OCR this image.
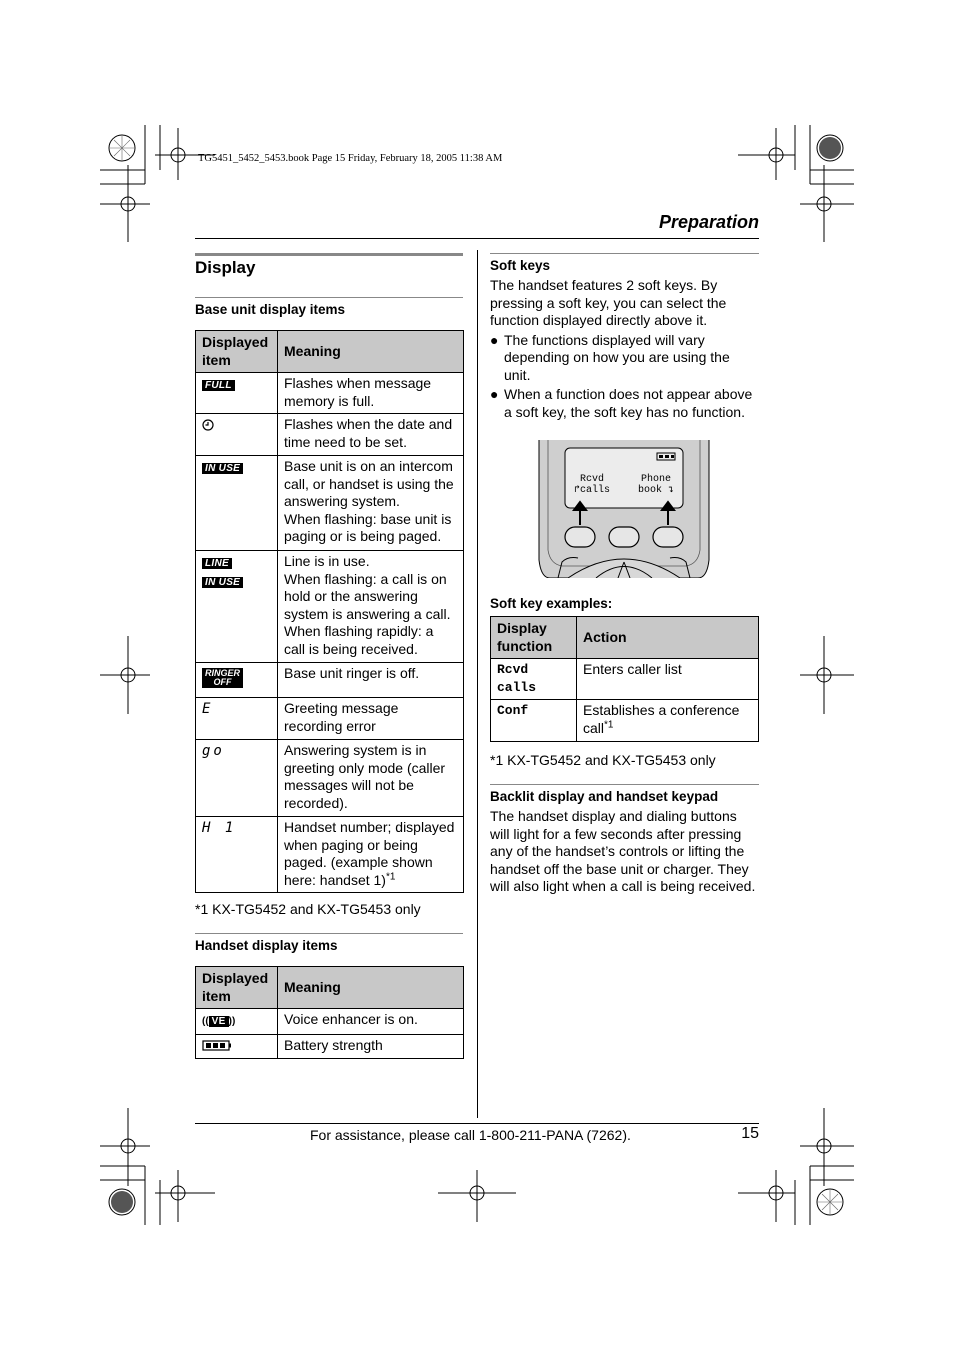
TG5451_5452_5453.book Page 15 Friday, February 18, 2005 11:38 AM
Preparation
Display
Base unit display items
Displayed item	Meaning
FULL	Flashes when message memory is full.
	Flashes when the date and time need to be set.
IN USE	Base unit is on an intercom call, or handset is using the answering system.
When flashing: base unit is paging or is being paged.
LINE
IN USE	Line is in use.
When flashing: a call is on hold or the answering system is answering a call.
When flashing rapidly: a call is being received.
RINGER
OFF	Base unit ringer is off.
E	Greeting message recording error
go	Answering system is in greeting only mode (caller messages will not be recorded).
H 1	Handset number; displayed when paging or being paged. (example shown here: handset 1)$^{*1}$
*1 KX-TG5452 and KX-TG5453 only
Handset display items
Displayed item	Meaning
(( VE ))	Voice enhancer is on.
	Battery strength
Soft keys
The handset features 2 soft keys. By pressing a soft key, you can select the function displayed directly above it.
● The functions displayed will vary depending on how you are using the unit.
● When a function does not appear above a soft key, the soft key has no function.
Rcvd
↱calls
Phone
book ↴
Soft key examples:
Display function	Action
Rcvd calls	Enters caller list
Conf	Establishes a conference call$^{*1}$
*1 KX-TG5452 and KX-TG5453 only
Backlit display and handset keypad
The handset display and dialing buttons will light for a few seconds after pressing any of the handset’s controls or lifting the handset off the base unit or charger. They will also light when a call is being received.
For assistance, please call 1-800-211-PANA (7262).	15
